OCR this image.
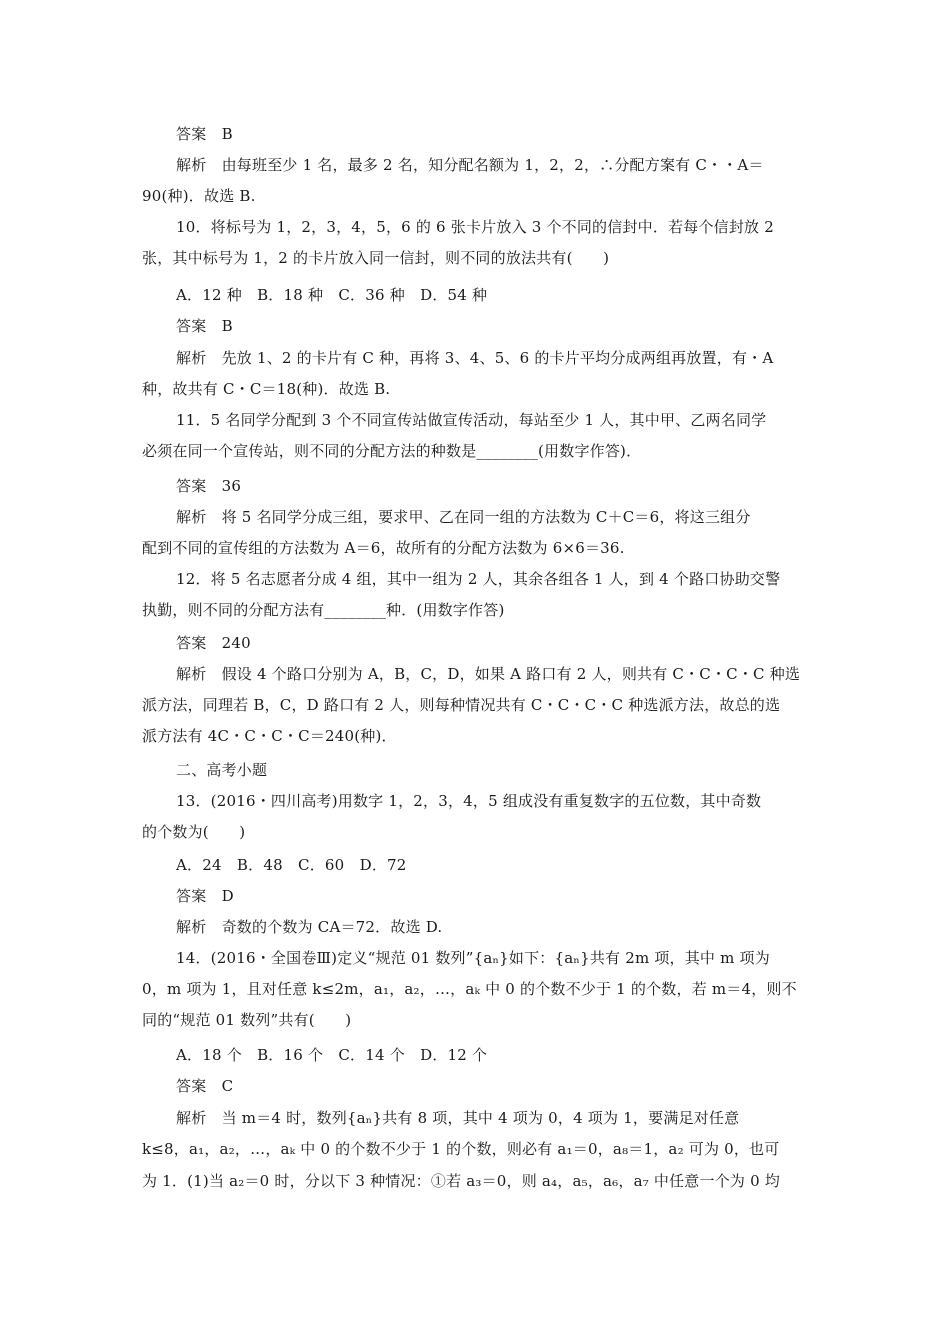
答案　B
解析　由每班至少 1 名，最多 2 名，知分配名额为 1，2，2，∴分配方案有 C・・A＝
90(种)．故选 B.
10．将标号为 1，2，3，4，5，6 的 6 张卡片放入 3 个不同的信封中．若每个信封放 2
张，其中标号为 1，2 的卡片放入同一信封，则不同的放法共有(　　)
A．12 种　B．18 种　C．36 种　D．54 种
答案　B
解析　先放 1、2 的卡片有 C 种，再将 3、4、5、6 的卡片平均分成两组再放置，有・A
种，故共有 C・C＝18(种)．故选 B.
11．5 名同学分配到 3 个不同宣传站做宣传活动，每站至少 1 人，其中甲、乙两名同学
必须在同一个宣传站，则不同的分配方法的种数是________(用数字作答)．
答案　36
解析　将 5 名同学分成三组，要求甲、乙在同一组的方法数为 C＋C＝6，将这三组分
配到不同的宣传组的方法数为 A＝6，故所有的分配方法数为 6×6＝36.
12．将 5 名志愿者分成 4 组，其中一组为 2 人，其余各组各 1 人，到 4 个路口协助交警
执勤，则不同的分配方法有________种．(用数字作答)
答案　240
解析　假设 4 个路口分别为 A，B，C，D，如果 A 路口有 2 人，则共有 C・C・C・C 种选
派方法，同理若 B，C，D 路口有 2 人，则每种情况共有 C・C・C・C 种选派方法，故总的选
派方法有 4C・C・C・C＝240(种)．
二、高考小题
13．(2016・四川高考)用数字 1，2，3，4，5 组成没有重复数字的五位数，其中奇数
的个数为(　　)
A．24　B．48　C．60　D．72
答案　D
解析　奇数的个数为 CA＝72．故选 D.
14．(2016・全国卷Ⅲ)定义“规范 01 数列”{aₙ}如下：{aₙ}共有 2m 项，其中 m 项为
0，m 项为 1，且对任意 k≤2m，a₁，a₂，…，aₖ 中 0 的个数不少于 1 的个数，若 m＝4，则不
同的“规范 01 数列”共有(　　)
A．18 个　B．16 个　C．14 个　D．12 个
答案　C
解析　当 m＝4 时，数列{aₙ}共有 8 项，其中 4 项为 0，4 项为 1，要满足对任意
k≤8，a₁，a₂，…，aₖ 中 0 的个数不少于 1 的个数，则必有 a₁＝0，a₈＝1，a₂ 可为 0，也可
为 1．(1)当 a₂＝0 时，分以下 3 种情况：①若 a₃＝0，则 a₄，a₅，a₆，a₇ 中任意一个为 0 均
